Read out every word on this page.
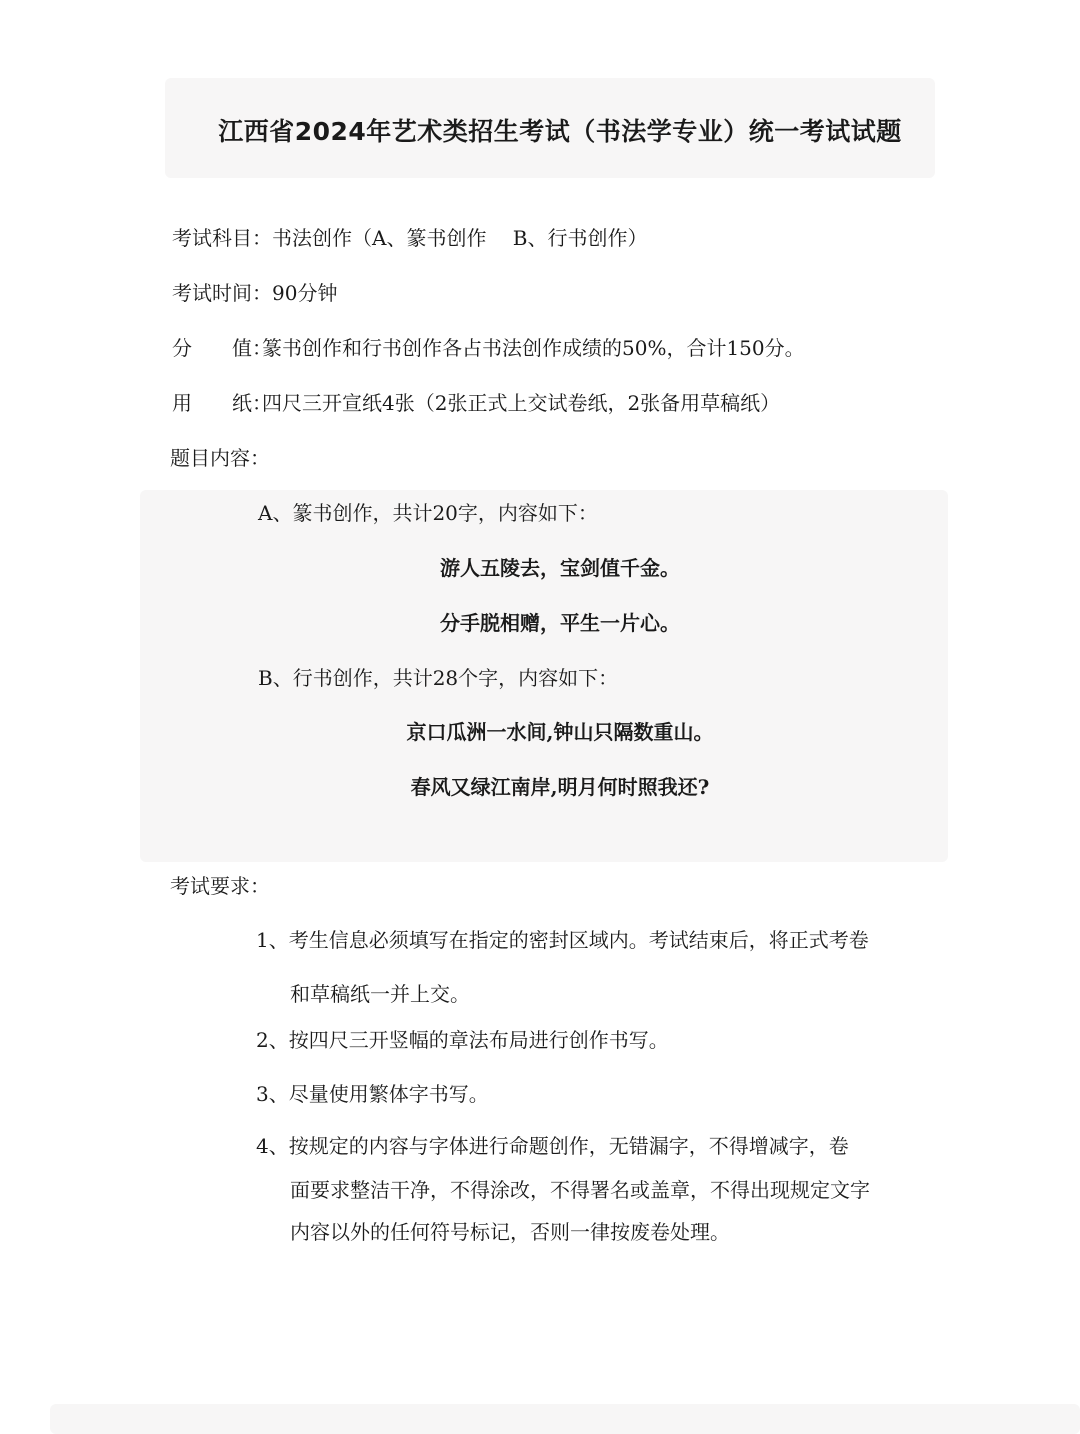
江西省2024年艺术类招生考试（书法学专业）统一考试试题
考试科目：书法创作（A、篆书创作　 B、行书创作）
考试时间：90分钟
分 值：篆书创作和行书创作各占书法创作成绩的50%，合计150分。
用 纸：四尺三开宣纸4张（2张正式上交试卷纸，2张备用草稿纸）
题目内容：
A、篆书创作，共计20字，内容如下：
游人五陵去，宝剑值千金。
分手脱相赠，平生一片心。
B、行书创作，共计28个字，内容如下：
京口瓜洲一水间,钟山只隔数重山。
春风又绿江南岸,明月何时照我还?
考试要求：
1、考生信息必须填写在指定的密封区域内。考试结束后，将正式考卷
和草稿纸一并上交。
2、按四尺三开竖幅的章法布局进行创作书写。
3、尽量使用繁体字书写。
4、按规定的内容与字体进行命题创作，无错漏字，不得增减字，卷
面要求整洁干净，不得涂改，不得署名或盖章，不得出现规定文字
内容以外的任何符号标记，否则一律按废卷处理。
